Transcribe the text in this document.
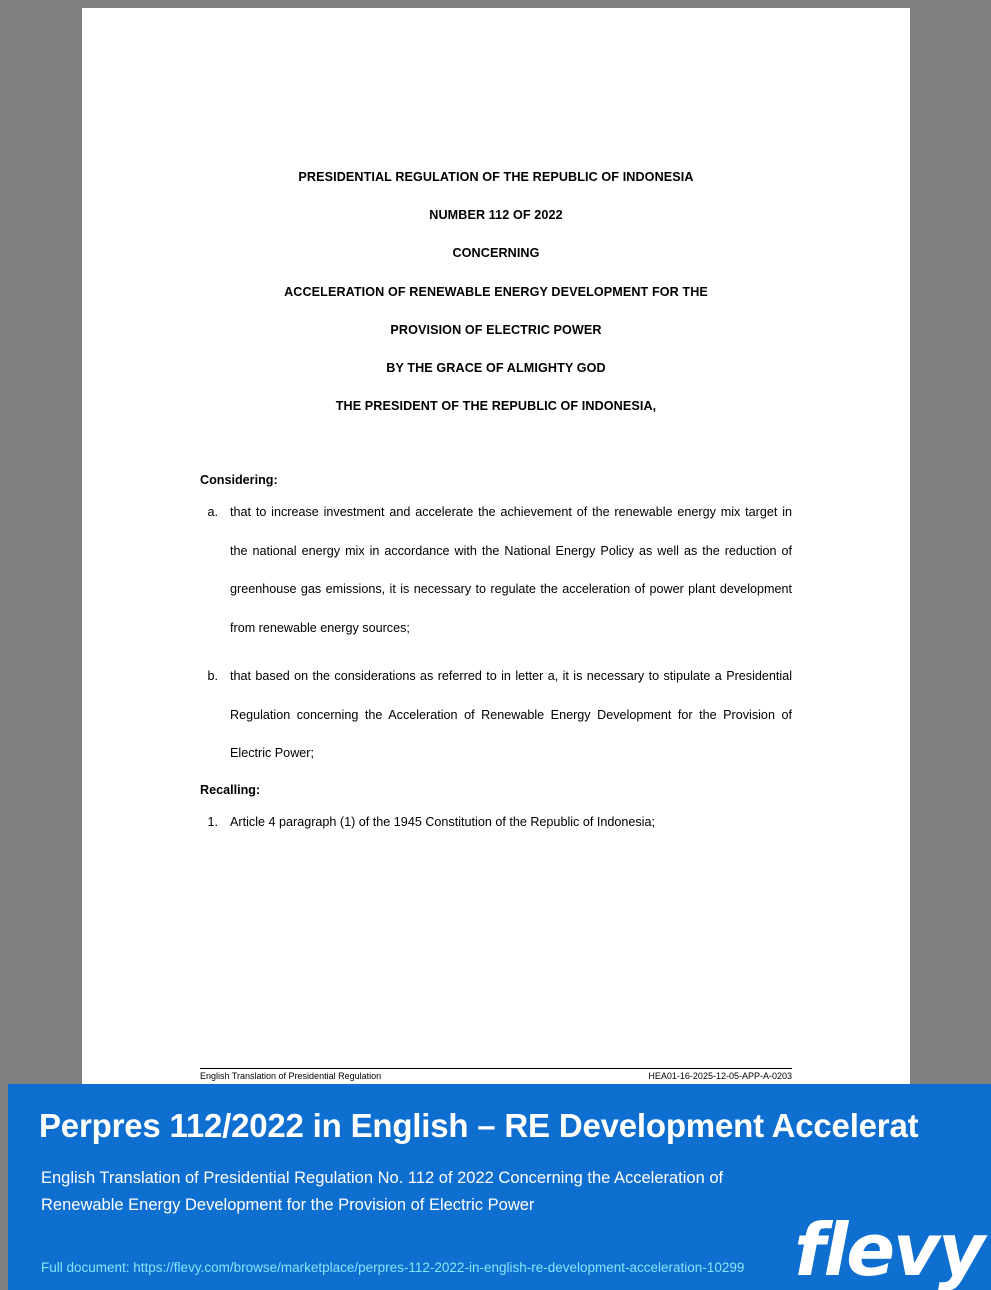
PRESIDENTIAL REGULATION OF THE REPUBLIC OF INDONESIA
NUMBER 112 OF 2022
CONCERNING
ACCELERATION OF RENEWABLE ENERGY DEVELOPMENT FOR THE
PROVISION OF ELECTRIC POWER
BY THE GRACE OF ALMIGHTY GOD
THE PRESIDENT OF THE REPUBLIC OF INDONESIA,
Considering:
a. that to increase investment and accelerate the achievement of the renewable energy mix target in the national energy mix in accordance with the National Energy Policy as well as the reduction of greenhouse gas emissions, it is necessary to regulate the acceleration of power plant development from renewable energy sources;
b. that based on the considerations as referred to in letter a, it is necessary to stipulate a Presidential Regulation concerning the Acceleration of Renewable Energy Development for the Provision of Electric Power;
Recalling:
1. Article 4 paragraph (1) of the 1945 Constitution of the Republic of Indonesia;
English Translation of Presidential Regulation	HEA01-16-2025-12-05-APP-A-0203
Perpres 112/2022 in English – RE Development Accelerat
English Translation of Presidential Regulation No. 112 of 2022 Concerning the Acceleration of Renewable Energy Development for the Provision of Electric Power
Full document: https://flevy.com/browse/marketplace/perpres-112-2022-in-english-re-development-acceleration-10299 flevy
